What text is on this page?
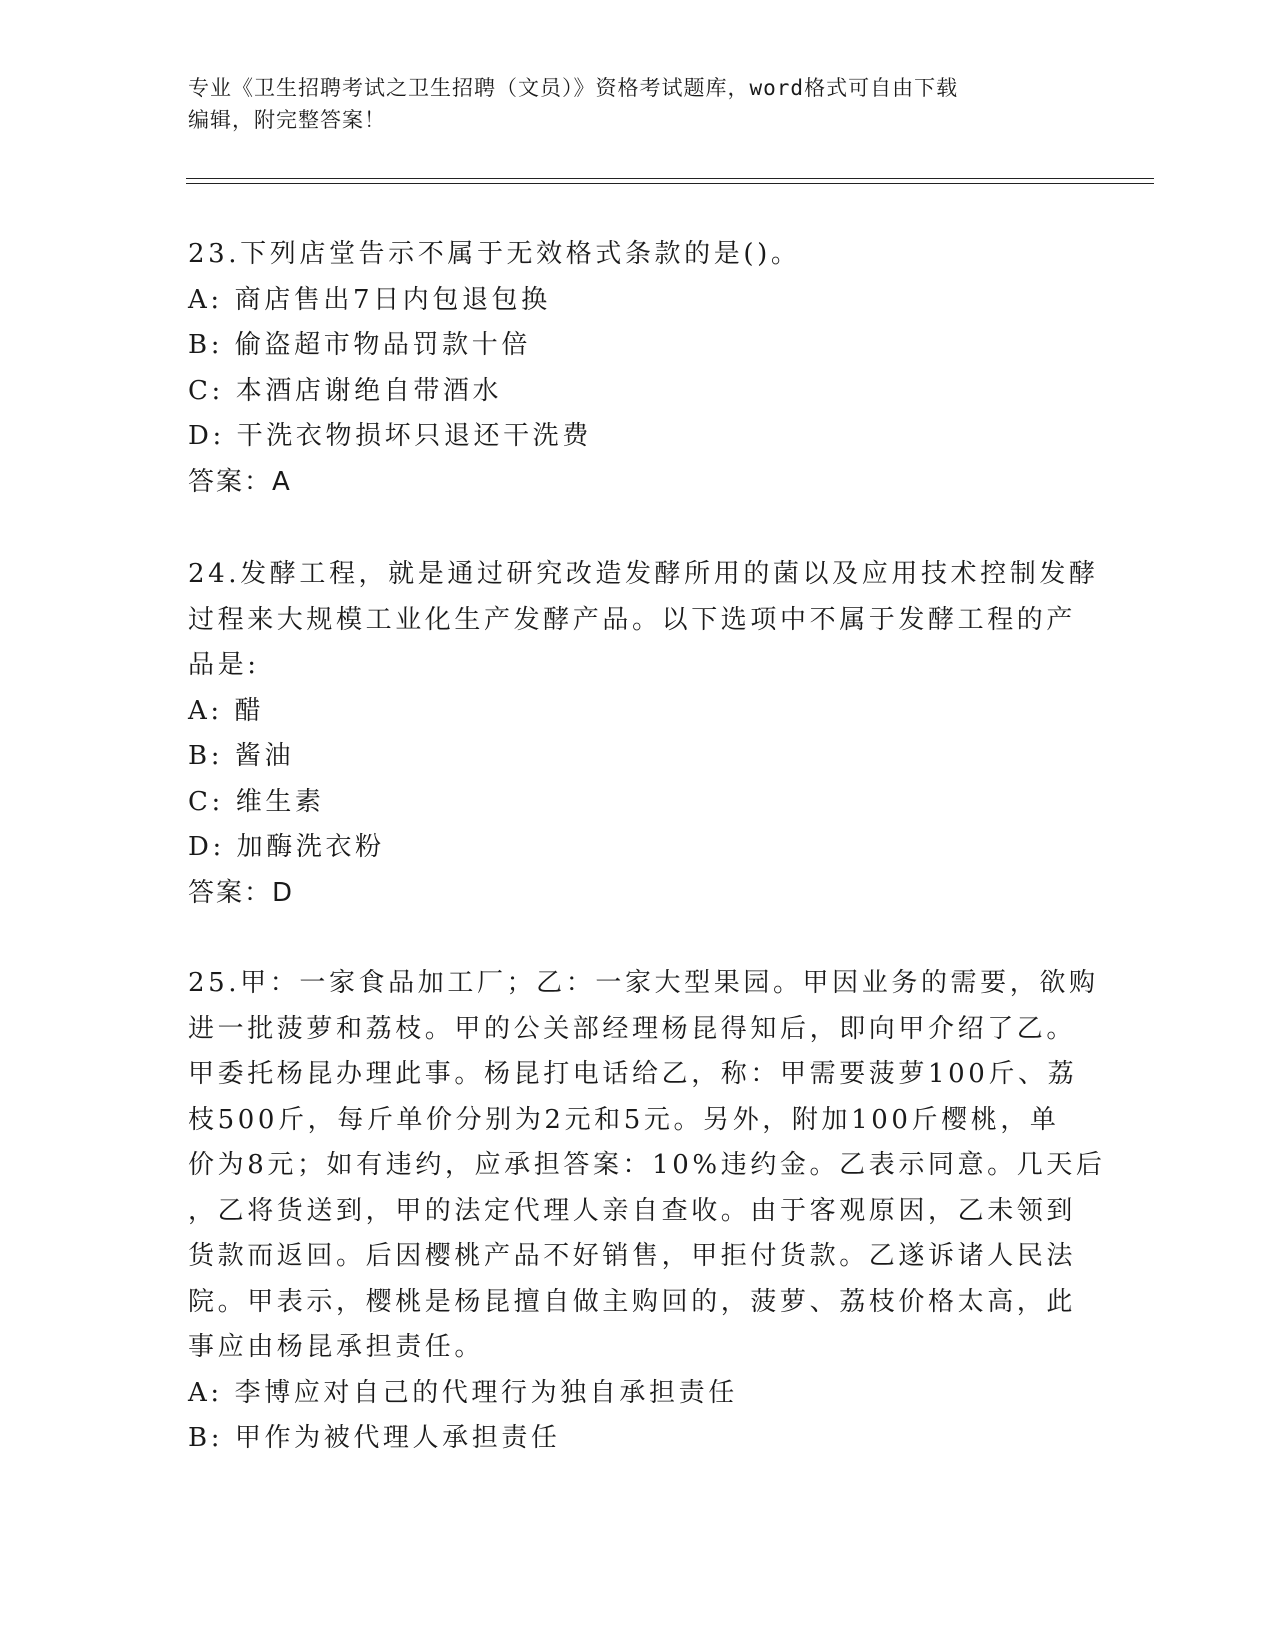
专业《卫生招聘考试之卫生招聘（文员）》资格考试题库，word格式可自由下载
编辑，附完整答案！
23.下列店堂告示不属于无效格式条款的是()。
A: 商店售出7日内包退包换
B: 偷盗超市物品罚款十倍
C: 本酒店谢绝自带酒水
D: 干洗衣物损坏只退还干洗费
答案：A
24.发酵工程，就是通过研究改造发酵所用的菌以及应用技术控制发酵
过程来大规模工业化生产发酵产品。以下选项中不属于发酵工程的产
品是:
A: 醋
B: 酱油
C: 维生素
D: 加酶洗衣粉
答案：D
25.甲：一家食品加工厂；乙：一家大型果园。甲因业务的需要，欲购
进一批菠萝和荔枝。甲的公关部经理杨昆得知后，即向甲介绍了乙。
甲委托杨昆办理此事。杨昆打电话给乙，称：甲需要菠萝100斤、荔
枝500斤，每斤单价分别为2元和5元。另外，附加100斤樱桃，单
价为8元；如有违约，应承担答案：10%违约金。乙表示同意。几天后
，乙将货送到，甲的法定代理人亲自查收。由于客观原因，乙未领到
货款而返回。后因樱桃产品不好销售，甲拒付货款。乙遂诉诸人民法
院。甲表示，樱桃是杨昆擅自做主购回的，菠萝、荔枝价格太高，此
事应由杨昆承担责任。
A: 李博应对自己的代理行为独自承担责任
B: 甲作为被代理人承担责任
